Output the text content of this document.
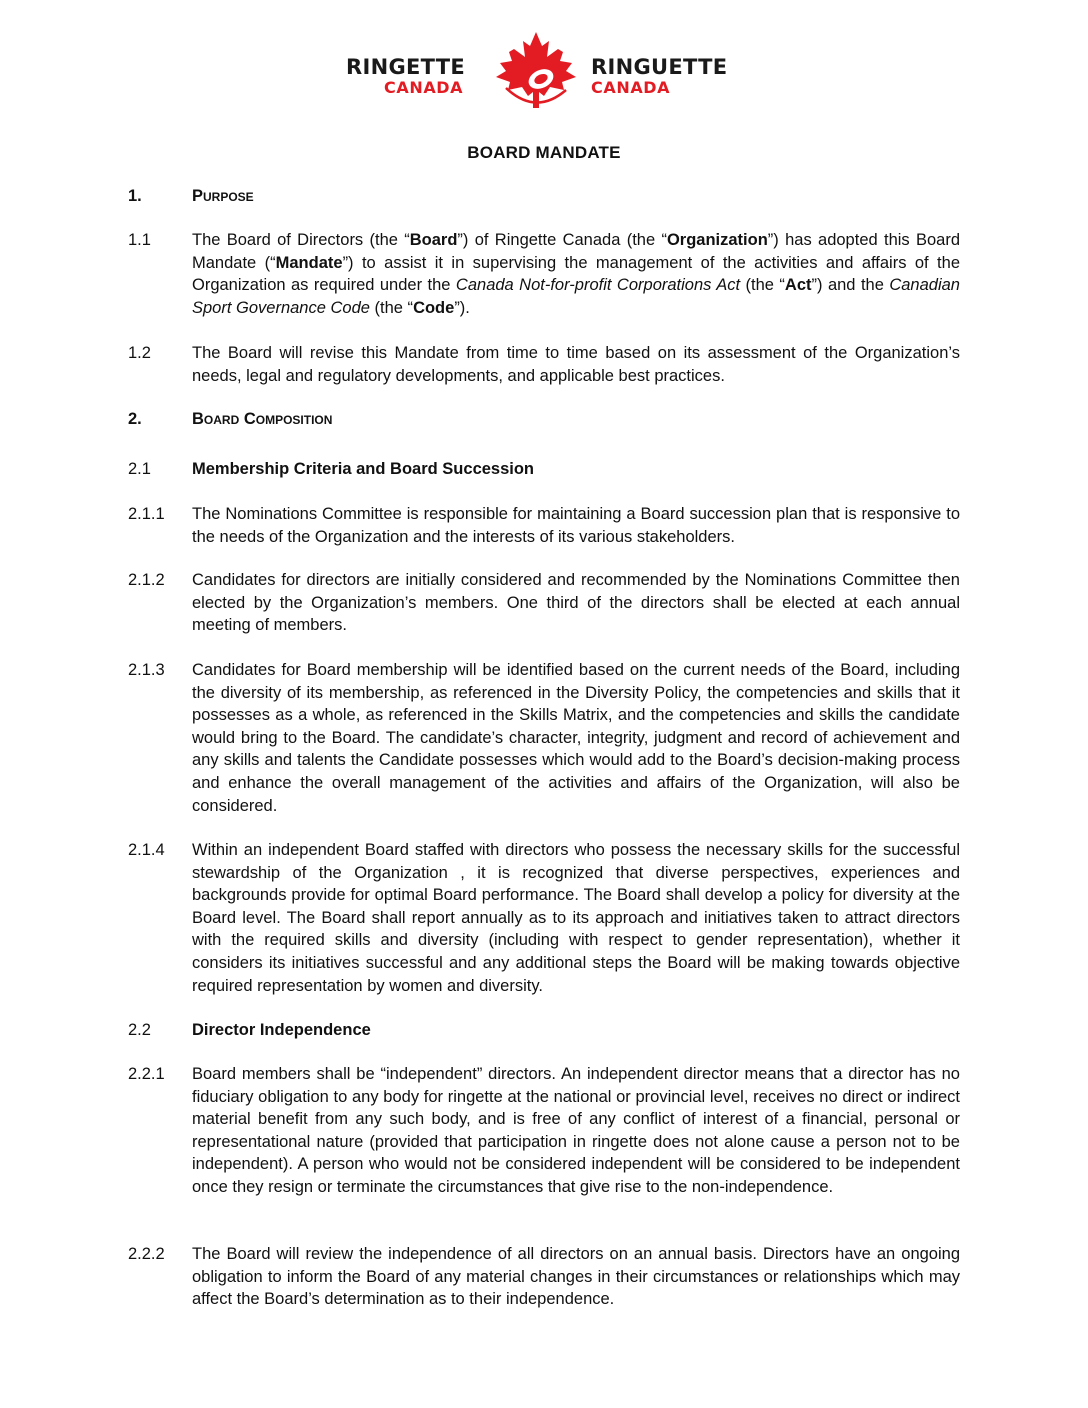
RINGETTE
CANADA
RINGUETTE
CANADA
BOARD MANDATE
1.	Purpose
1.1	The Board of Directors (the “Board”) of Ringette Canada (the “Organization”) has adopted this Board Mandate (“Mandate”) to assist it in supervising the management of the activities and affairs of the Organization as required under the Canada Not-for-profit Corporations Act (the “Act”) and the Canadian Sport Governance Code (the “Code”).
1.2	The Board will revise this Mandate from time to time based on its assessment of the Organization’s needs, legal and regulatory developments, and applicable best practices.
2.	Board Composition
2.1	Membership Criteria and Board Succession
2.1.1	The Nominations Committee is responsible for maintaining a Board succession plan that is responsive to the needs of the Organization and the interests of its various stakeholders.
2.1.2	Candidates for directors are initially considered and recommended by the Nominations Committee then elected by the Organization’s members. One third of the directors shall be elected at each annual meeting of members.
2.1.3	Candidates for Board membership will be identified based on the current needs of the Board, including the diversity of its membership, as referenced in the Diversity Policy, the competencies and skills that it possesses as a whole, as referenced in the Skills Matrix, and the competencies and skills the candidate would bring to the Board. The candidate’s character, integrity, judgment and record of achievement and any skills and talents the Candidate possesses which would add to the Board’s decision-making process and enhance the overall management of the activities and affairs of the Organization, will also be considered.
2.1.4	Within an independent Board staffed with directors who possess the necessary skills for the successful stewardship of the Organization , it is recognized that diverse perspectives, experiences and backgrounds provide for optimal Board performance. The Board shall develop a policy for diversity at the Board level. The Board shall report annually as to its approach and initiatives taken to attract directors with the required skills and diversity (including with respect to gender representation), whether it considers its initiatives successful and any additional steps the Board will be making towards objective required representation by women and diversity.
2.2	Director Independence
2.2.1	Board members shall be “independent” directors. An independent director means that a director has no fiduciary obligation to any body for ringette at the national or provincial level, receives no direct or indirect material benefit from any such body, and is free of any conflict of interest of a financial, personal or representational nature (provided that participation in ringette does not alone cause a person not to be independent). A person who would not be considered independent will be considered to be independent once they resign or terminate the circumstances that give rise to the non-independence.
2.2.2	The Board will review the independence of all directors on an annual basis. Directors have an ongoing obligation to inform the Board of any material changes in their circumstances or relationships which may affect the Board’s determination as to their independence.
